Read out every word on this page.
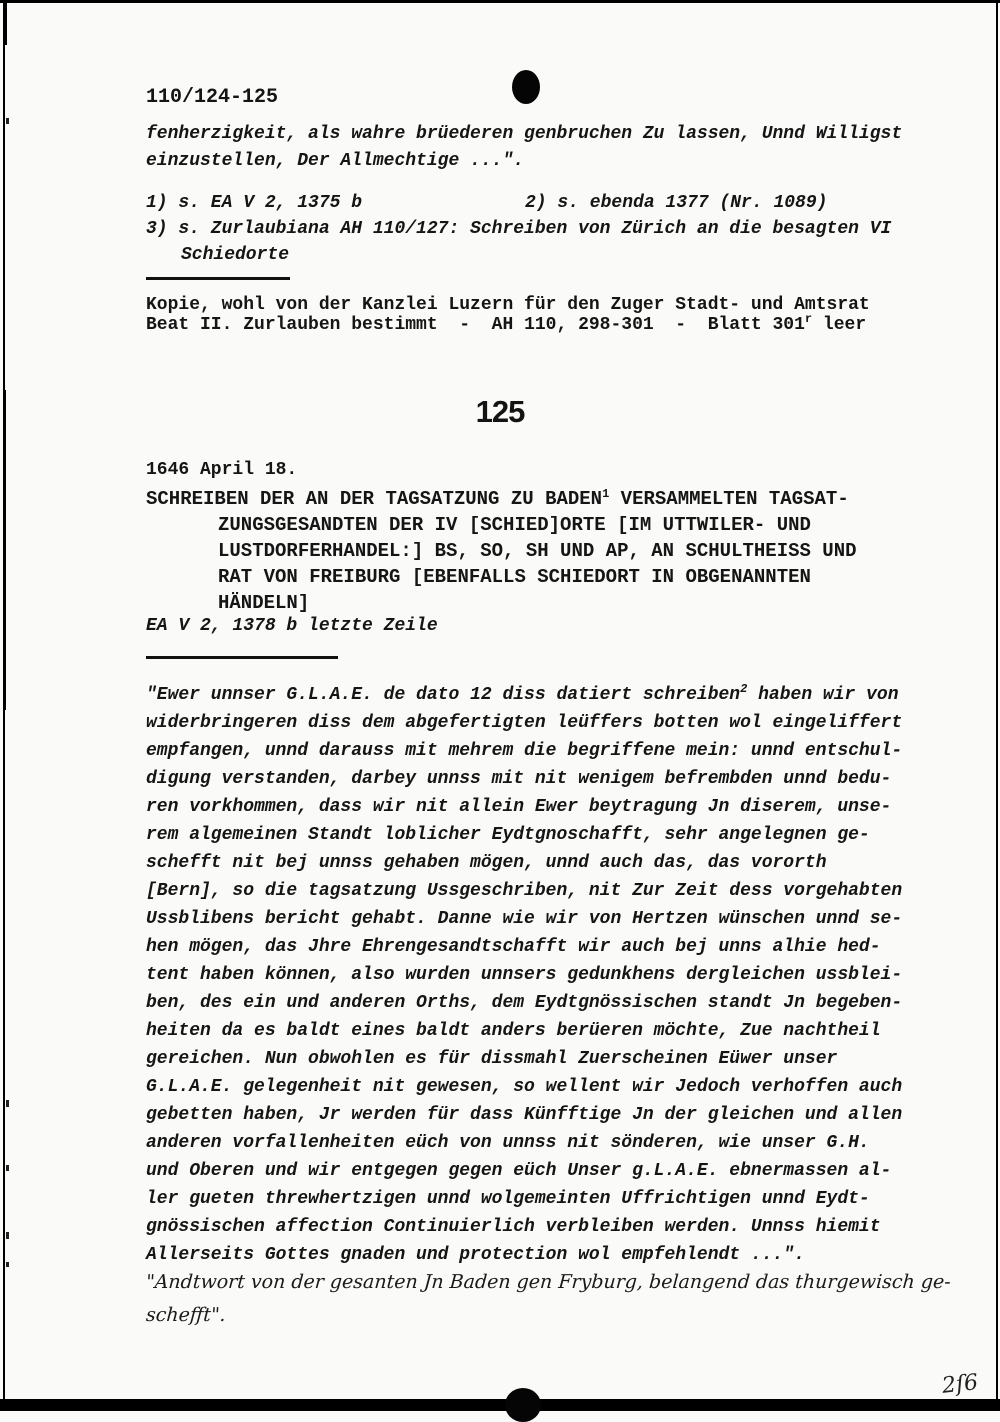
110/124-125
fenherzigkeit, als wahre brüederen genbruchen Zu lassen, Unnd Willigst
einzustellen, Der Allmechtige ...".
1) s. EA V 2, 1375 b	2) s. ebenda 1377 (Nr. 1089)
3) s. Zurlaubiana AH 110/127: Schreiben von Zürich an die besagten VI
Schiedorte
Kopie, wohl von der Kanzlei Luzern für den Zuger Stadt- und Amtsrat
Beat II. Zurlauben bestimmt  -  AH 110, 298-301  -  Blatt 301r leer
125
1646 April 18.
SCHREIBEN DER AN DER TAGSATZUNG ZU BADEN1 VERSAMMELTEN TAGSAT-
ZUNGSGESANDTEN DER IV [SCHIED]ORTE [IM UTTWILER- UND
LUSTDORFERHANDEL:] BS, SO, SH UND AP, AN SCHULTHEISS UND
RAT VON FREIBURG [EBENFALLS SCHIEDORT IN OBGENANNTEN
HÄNDELN]
EA V 2, 1378 b letzte Zeile
"Ewer unnser G.L.A.E. de dato 12 diss datiert schreiben2 haben wir von
widerbringeren diss dem abgefertigten leüffers botten wol eingeliffert
empfangen, unnd darauss mit mehrem die begriffene mein: unnd entschul-
digung verstanden, darbey unnss mit nit wenigem befrembden unnd bedu-
ren vorkhommen, dass wir nit allein Ewer beytragung Jn diserem, unse-
rem algemeinen Standt loblicher Eydtgnoschafft, sehr angelegnen ge-
schefft nit bej unnss gehaben mögen, unnd auch das, das vororth
[Bern], so die tagsatzung Ussgeschriben, nit Zur Zeit dess vorgehabten
Ussblibens bericht gehabt. Danne wie wir von Hertzen wünschen unnd se-
hen mögen, das Jhre Ehrengesandtschafft wir auch bej unns alhie hed-
tent haben können, also wurden unnsers gedunkhens dergleichen ussblei-
ben, des ein und anderen Orths, dem Eydtgnössischen standt Jn begeben-
heiten da es baldt eines baldt anders berüeren möchte, Zue nachtheil
gereichen. Nun obwohlen es für dissmahl Zuerscheinen Eüwer unser
G.L.A.E. gelegenheit nit gewesen, so wellent wir Jedoch verhoffen auch
gebetten haben, Jr werden für dass Künfftige Jn der gleichen und allen
anderen vorfallenheiten eüch von unnss nit sönderen, wie unser G.H.
und Oberen und wir entgegen gegen eüch Unser g.L.A.E. ebnermassen al-
ler gueten threwhertzigen unnd wolgemeinten Uffrichtigen unnd Eydt-
gnössischen affection Continuierlich verbleiben werden. Unnss hiemit
Allerseits Gottes gnaden und protection wol empfehlendt ...".
"Andtwort von der gesanten Jn Baden gen Fryburg, belangend das thurgewisch ge-
schefft".
2ſ6
